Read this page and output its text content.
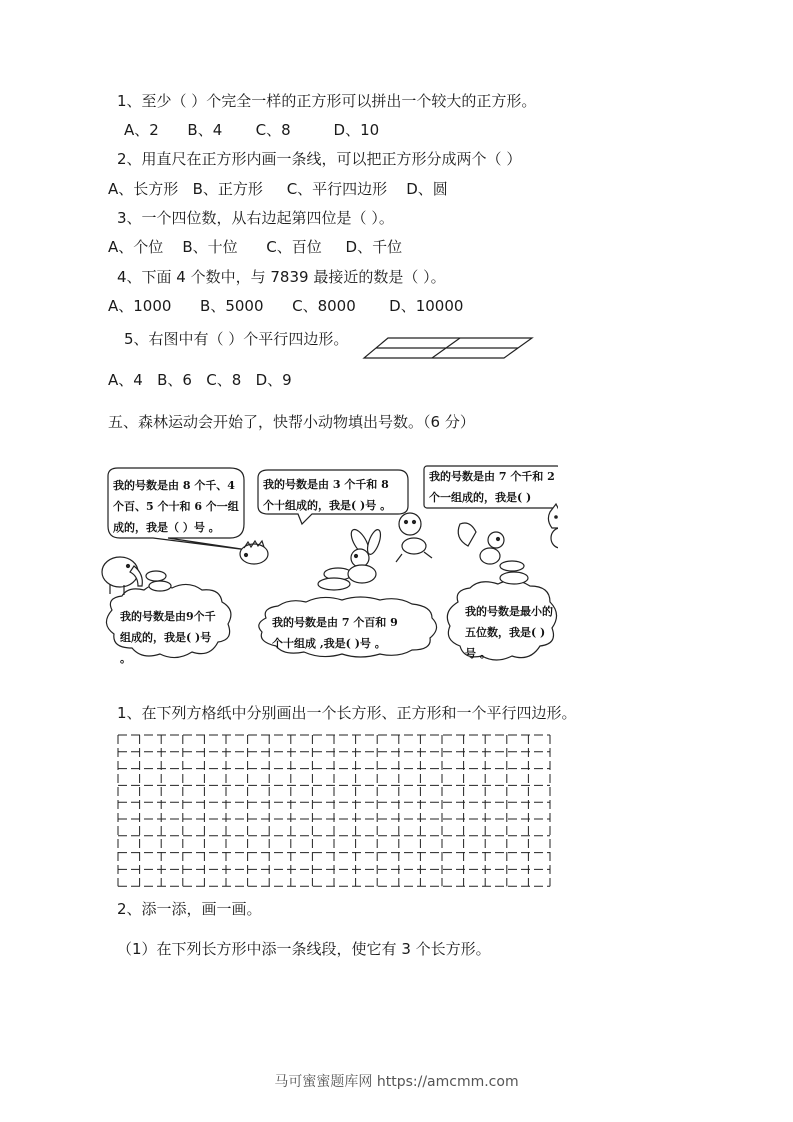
1、至少（ ）个完全一样的正方形可以拼出一个较大的正方形。
A、2      B、4       C、8         D、10
2、用直尺在正方形内画一条线，可以把正方形分成两个（ ）
A、长方形   B、正方形     C、平行四边形    D、圆
3、一个四位数，从右边起第四位是（ ）。
A、个位    B、十位      C、百位     D、千位
4、下面 4 个数中，与 7839 最接近的数是（ ）。
A、1000      B、5000      C、8000       D、10000
5、右图中有（ ）个平行四边形。
A、4   B、6   C、8   D、9
五、森林运动会开始了，快帮小动物填出号数。（6 分）
我的号数是由 8 个千、4 个百、5 个十和 6 个一组成的，我是（ ）号 。
我的号数是由 3 个千和 8 个十组成的，我是( )号 。
我的号数是由 7 个千和 2 个一组成的，我是( )
我的号数是由9个千组成的，我是( )号 。
我的号数是由 7 个百和 9 个十组成 ,我是( )号 。
我的号数是最小的五位数，我是( )号 。
1、在下列方格纸中分别画出一个长方形、正方形和一个平行四边形。
2、添一添，画一画。
（1）在下列长方形中添一条线段，使它有 3 个长方形。
马可蜜蜜题库网 https://amcmm.com
